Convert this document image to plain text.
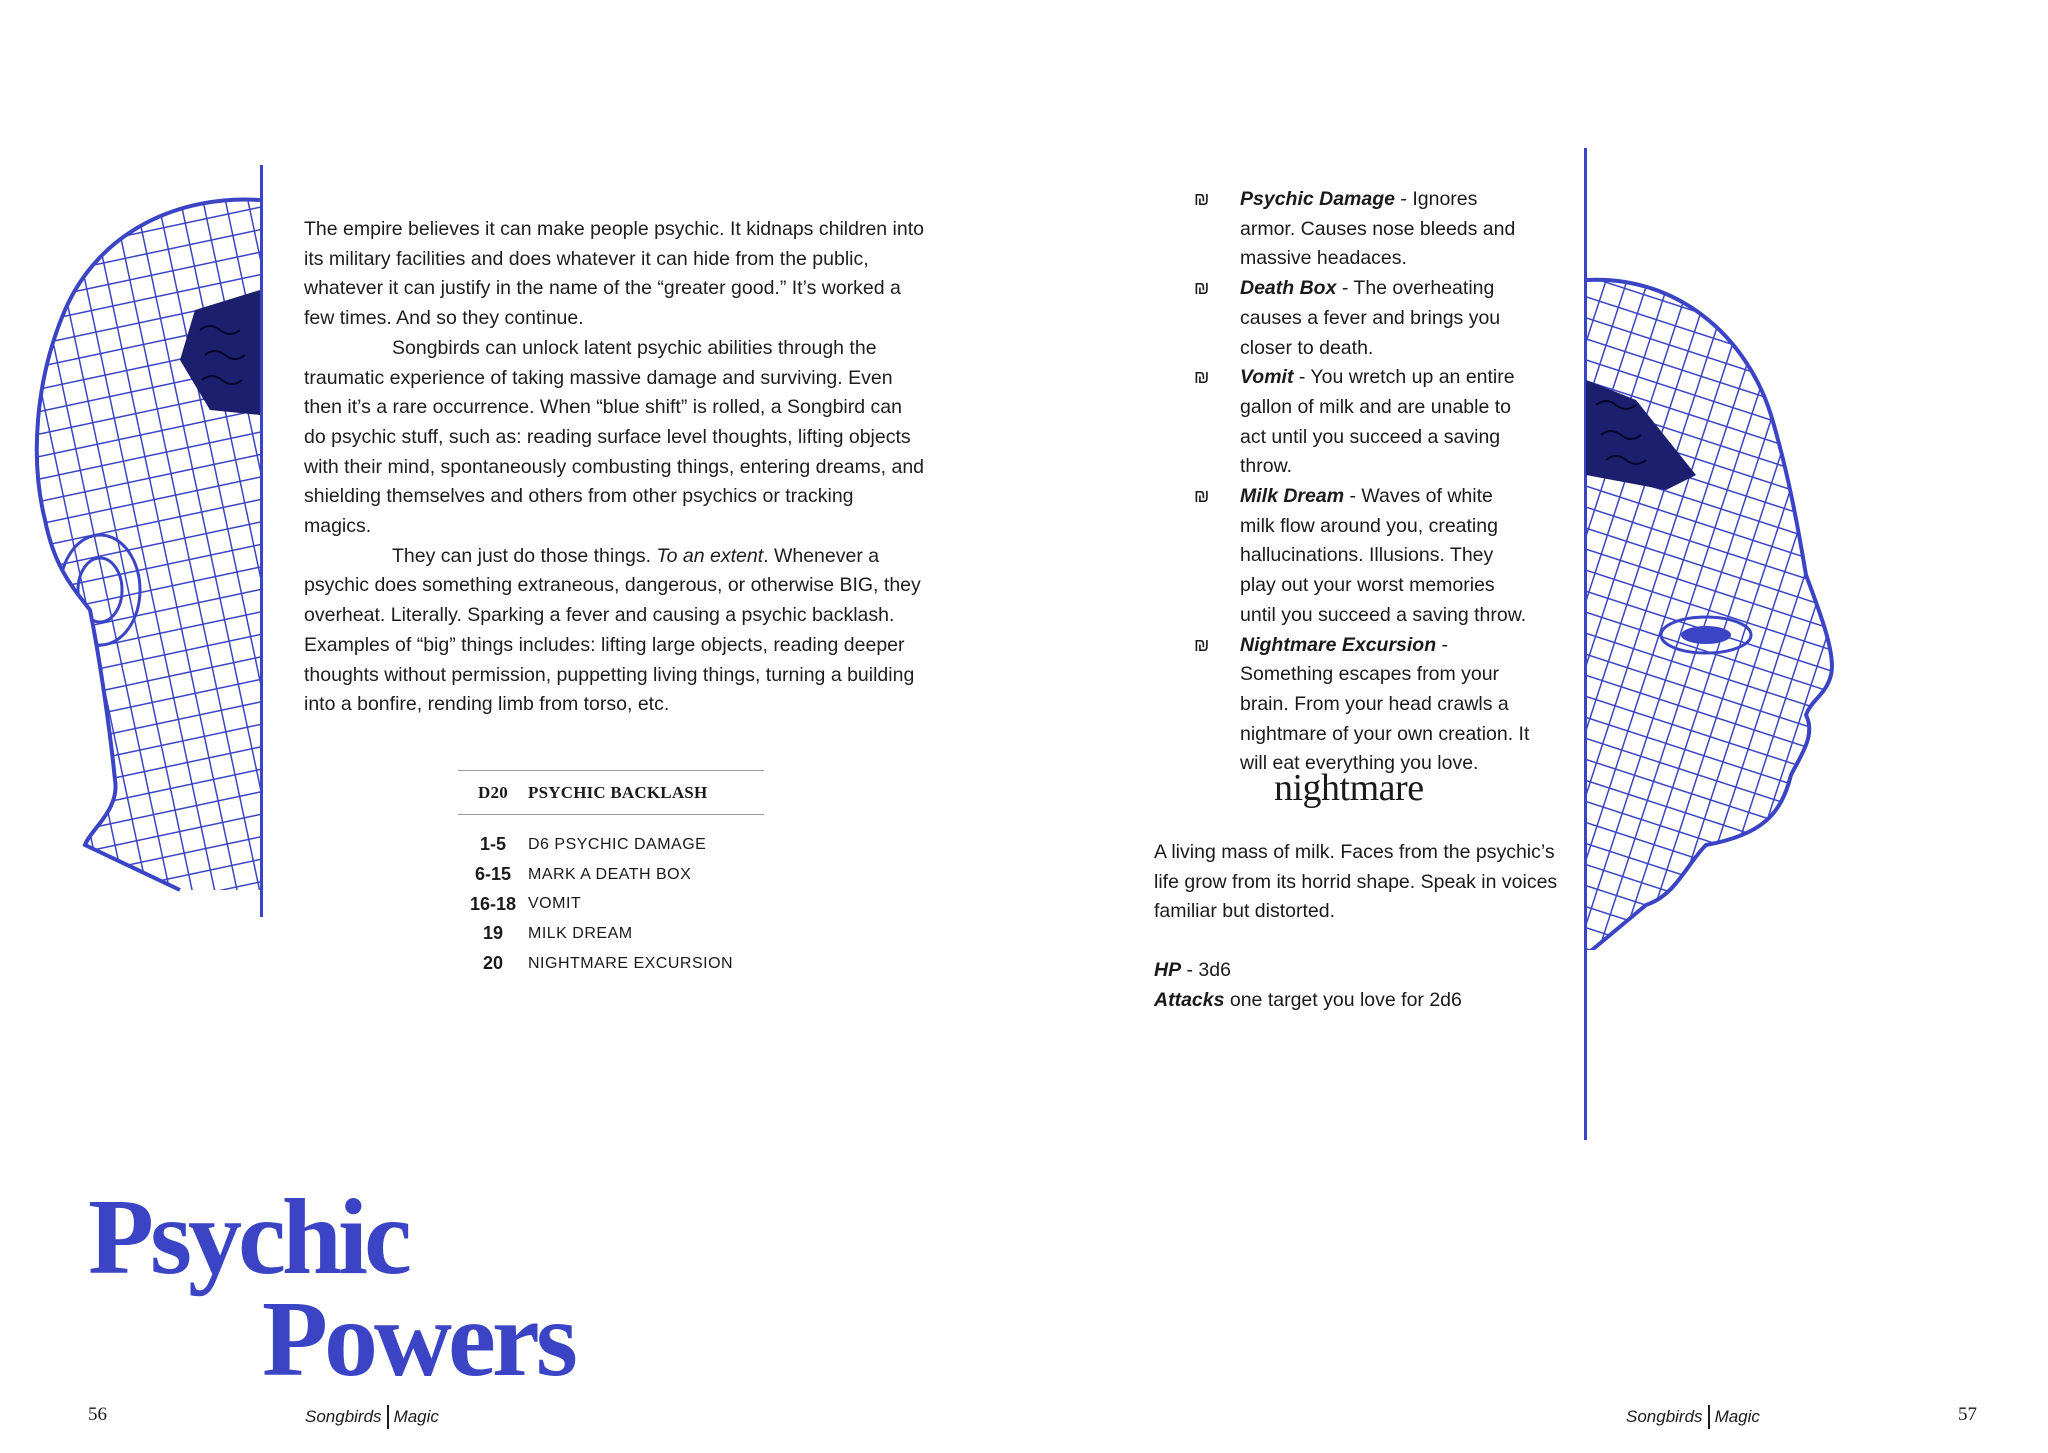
The empire believes it can make people psychic. It kidnaps children into its military facilities and does whatever it can hide from the public, whatever it can justify in the name of the “greater good.” It’s worked a few times. And so they continue.

Songbirds can unlock latent psychic abilities through the traumatic experience of taking massive damage and surviving. Even then it’s a rare occurrence. When “blue shift” is rolled, a Songbird can do psychic stuff, such as: reading surface level thoughts, lifting objects with their mind, spontaneously combusting things, entering dreams, and shielding themselves and others from other psychics or tracking magics.

They can just do those things. To an extent. Whenever a psychic does something extraneous, dangerous, or otherwise BIG, they overheat. Literally. Sparking a fever and causing a psychic backlash. Examples of “big” things includes: lifting large objects, reading deeper thoughts without permission, puppetting living things, turning a building into a bonfire, rending limb from torso, etc.

D20	PSYCHIC BACKLASH
1-5	D6 PSYCHIC DAMAGE
6-15	MARK A DEATH BOX
16-18 VOMIT
19	MILK DREAM
20	NIGHTMARE EXCURSION
Psychic
Powers
56	Songbirds Magic
₪ Psychic Damage - Ignores armor. Causes nose bleeds and massive headaces.
₪ Death Box - The overheating causes a fever and brings you closer to death.
₪ Vomit - You wretch up an entire gallon of milk and are unable to act until you succeed a saving throw.
₪ Milk Dream - Waves of white milk flow around you, creating hallucinations. Illusions. They play out your worst memories until you succeed a saving throw.
₪ Nightmare Excursion - Something escapes from your brain. From your head crawls a nightmare of your own creation. It will eat everything you love.
nightmare

A living mass of milk. Faces from the psychic’s life grow from its horrid shape. Speak in voices familiar but distorted.

HP - 3d6
Attacks one target you love for 2d6
Songbirds Magic	57
